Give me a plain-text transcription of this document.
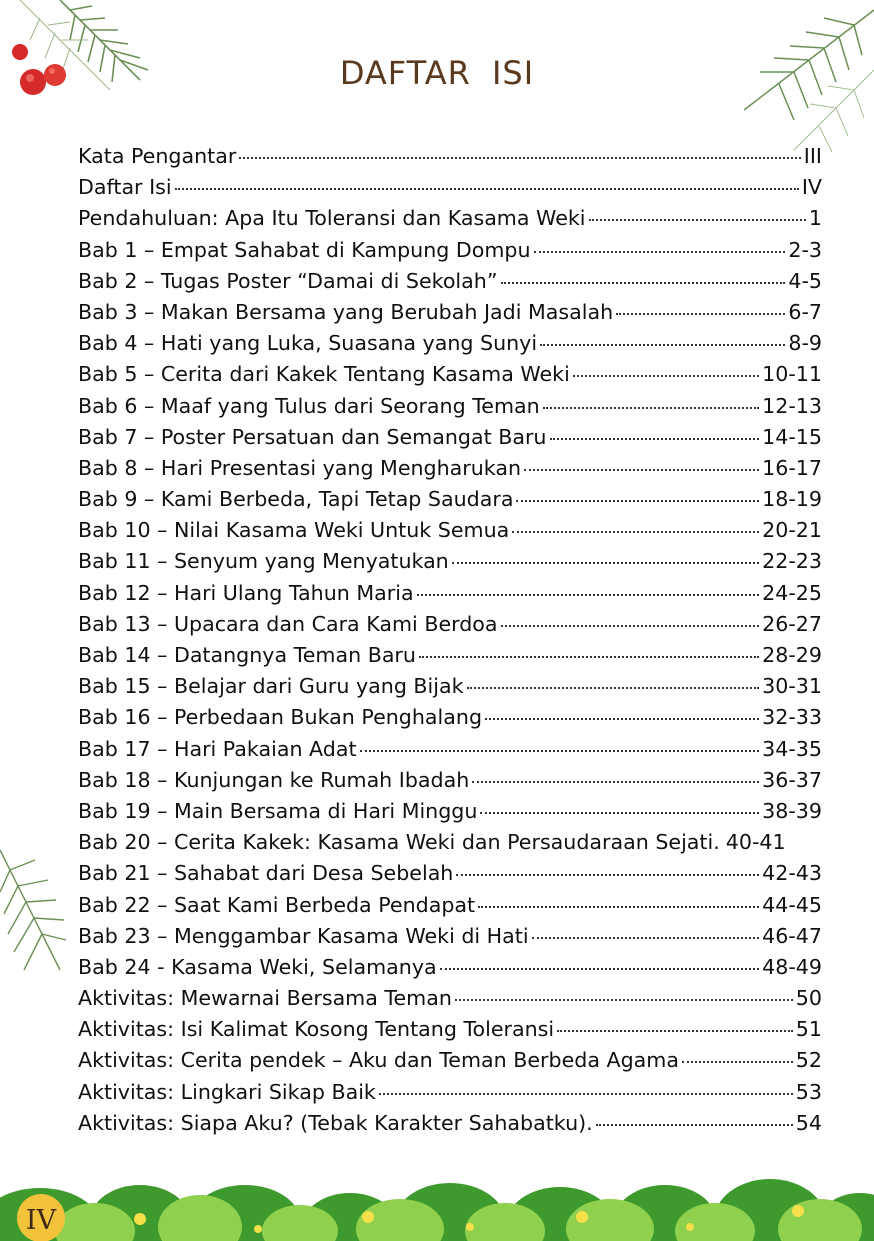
DAFTAR ISI
Kata Pengantar	III
Daftar Isi	IV
Pendahuluan: Apa Itu Toleransi dan Kasama Weki	1
Bab 1 – Empat Sahabat di Kampung Dompu	2-3
Bab 2 – Tugas Poster “Damai di Sekolah”	4-5
Bab 3 – Makan Bersama yang Berubah Jadi Masalah	6-7
Bab 4 – Hati yang Luka, Suasana yang Sunyi	8-9
Bab 5 – Cerita dari Kakek Tentang Kasama Weki	10-11
Bab 6 – Maaf yang Tulus dari Seorang Teman	12-13
Bab 7 – Poster Persatuan dan Semangat Baru	14-15
Bab 8 – Hari Presentasi yang Mengharukan	16-17
Bab 9 – Kami Berbeda, Tapi Tetap Saudara	18-19
Bab 10 – Nilai Kasama Weki Untuk Semua	20-21
Bab 11 – Senyum yang Menyatukan	22-23
Bab 12 – Hari Ulang Tahun Maria	24-25
Bab 13 – Upacara dan Cara Kami Berdoa	26-27
Bab 14 – Datangnya Teman Baru	28-29
Bab 15 – Belajar dari Guru yang Bijak	30-31
Bab 16 – Perbedaan Bukan Penghalang	32-33
Bab 17 – Hari Pakaian Adat	34-35
Bab 18 – Kunjungan ke Rumah Ibadah	36-37
Bab 19 – Main Bersama di Hari Minggu	38-39
Bab 20 – Cerita Kakek: Kasama Weki dan Persaudaraan Sejati. 40-41
Bab 21 – Sahabat dari Desa Sebelah	42-43
Bab 22 – Saat Kami Berbeda Pendapat	44-45
Bab 23 – Menggambar Kasama Weki di Hati	46-47
Bab 24 - Kasama Weki, Selamanya	48-49
Aktivitas: Mewarnai Bersama Teman	50
Aktivitas: Isi Kalimat Kosong Tentang Toleransi	51
Aktivitas: Cerita pendek – Aku dan Teman Berbeda Agama	52
Aktivitas: Lingkari Sikap Baik	53
Aktivitas: Siapa Aku? (Tebak Karakter Sahabatku).	54
IV
